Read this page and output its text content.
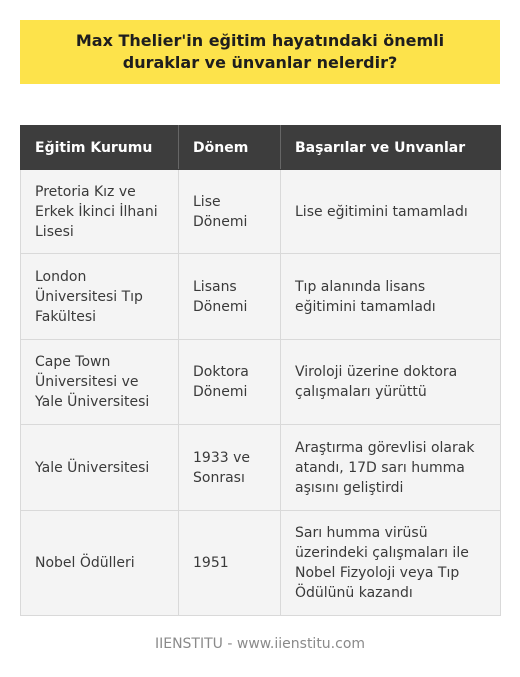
Max Thelier'in eğitim hayatındaki önemli duraklar ve ünvanlar nelerdir?
Eğitim Kurumu	Dönem	Başarılar ve Unvanlar
Pretoria Kız ve Erkek İkinci İlhani Lisesi	Lise Dönemi	Lise eğitimini tamamladı
London Üniversitesi Tıp Fakültesi	Lisans Dönemi	Tıp alanında lisans eğitimini tamamladı
Cape Town Üniversitesi ve Yale Üniversitesi	Doktora Dönemi	Viroloji üzerine doktora çalışmaları yürüttü
Yale Üniversitesi	1933 ve Sonrası	Araştırma görevlisi olarak atandı, 17D sarı humma aşısını geliştirdi
Nobel Ödülleri	1951	Sarı humma virüsü üzerindeki çalışmaları ile Nobel Fizyoloji veya Tıp Ödülünü kazandı
IIENSTITU - www.iienstitu.com
